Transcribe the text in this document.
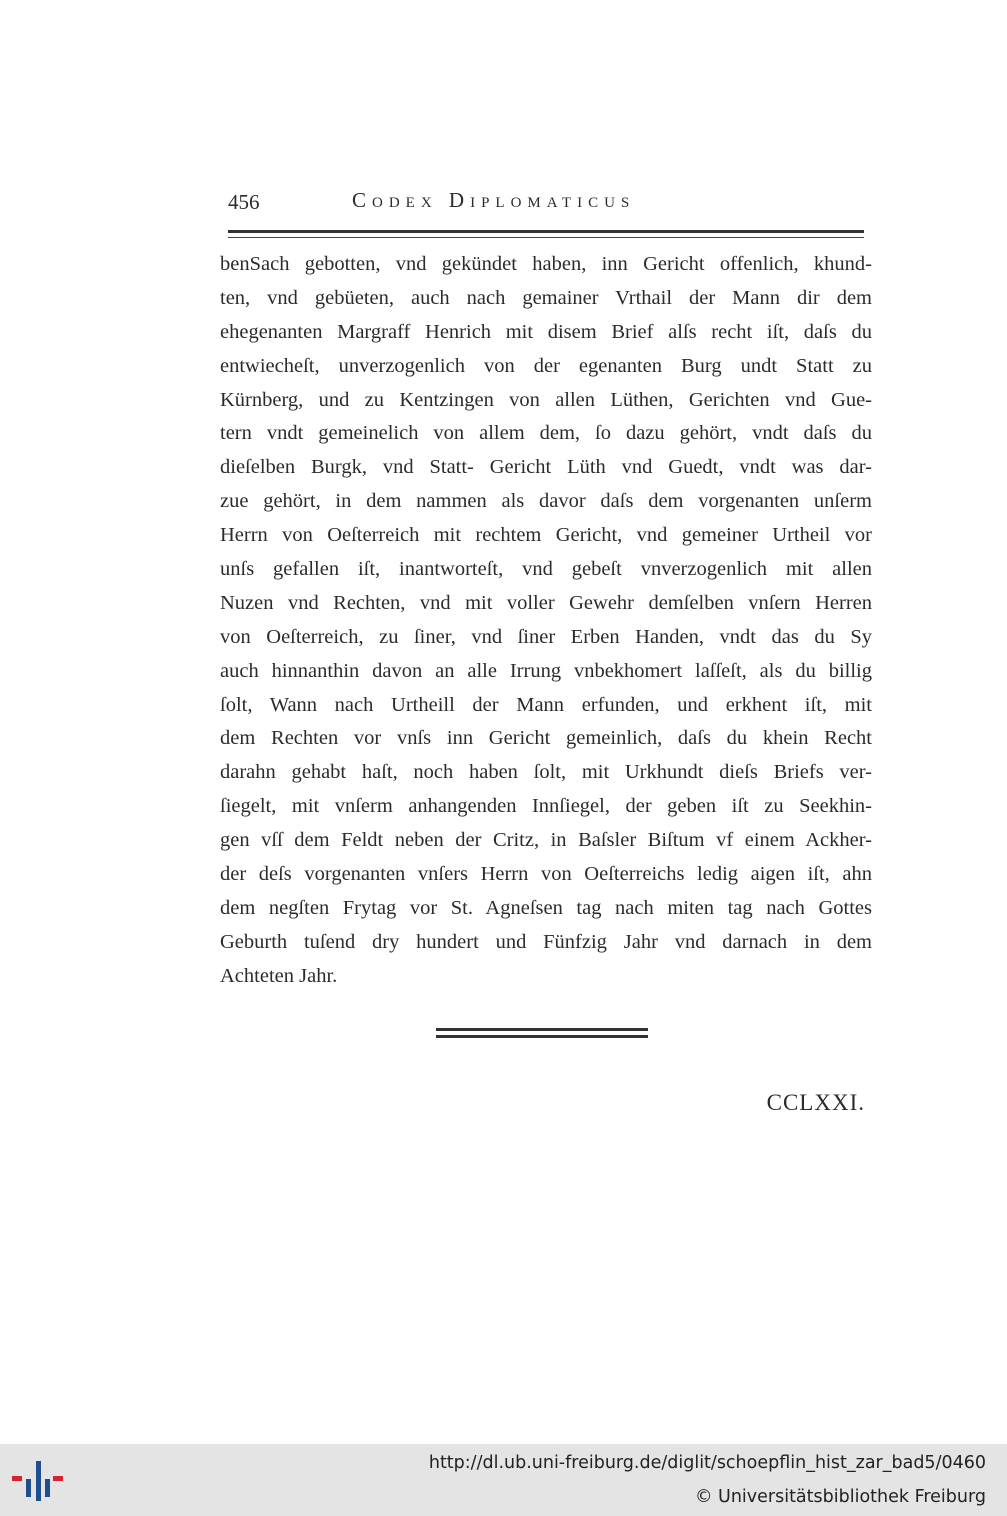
456	Codex Diplomaticus
benSach gebotten, vnd gekündet haben, inn Gericht offenlich, khund-
ten, vnd gebüeten, auch nach gemainer Vrthail der Mann dir dem
ehegenanten Margraff Henrich mit disem Brief alſs recht iſt, daſs du
entwiecheſt, unverzogenlich von der egenanten Burg undt Statt zu
Kürnberg, und zu Kentzingen von allen Lüthen, Gerichten vnd Gue-
tern vndt gemeinelich von allem dem, ſo dazu gehört, vndt daſs du
dieſelben Burgk, vnd Statt- Gericht Lüth vnd Guedt, vndt was dar-
zue gehört, in dem nammen als davor daſs dem vorgenanten unſerm
Herrn von Oeſterreich mit rechtem Gericht, vnd gemeiner Urtheil vor
unſs gefallen iſt, inantworteſt, vnd gebeſt vnverzogenlich mit allen
Nuzen vnd Rechten, vnd mit voller Gewehr demſelben vnſern Herren
von Oeſterreich, zu ſiner, vnd ſiner Erben Handen, vndt das du Sy
auch hinnanthin davon an alle Irrung vnbekhomert laſſeſt, als du billig
ſolt, Wann nach Urtheill der Mann erfunden, und erkhent iſt, mit
dem Rechten vor vnſs inn Gericht gemeinlich, daſs du khein Recht
darahn gehabt haſt, noch haben ſolt, mit Urkhundt dieſs Briefs ver-
ſiegelt, mit vnſerm anhangenden Innſiegel, der geben iſt zu Seekhin-
gen vſſ dem Feldt neben der Critz, in Baſsler Biſtum vf einem Ackher-
der deſs vorgenanten vnſers Herrn von Oeſterreichs ledig aigen iſt, ahn
dem negſten Frytag vor St. Agneſsen tag nach miten tag nach Gottes
Geburth tuſend dry hundert und Fünfzig Jahr vnd darnach in dem
Achteten Jahr.
CCLXXI.
http://dl.ub.uni-freiburg.de/diglit/schoepflin_hist_zar_bad5/0460
© Universitätsbibliothek Freiburg
